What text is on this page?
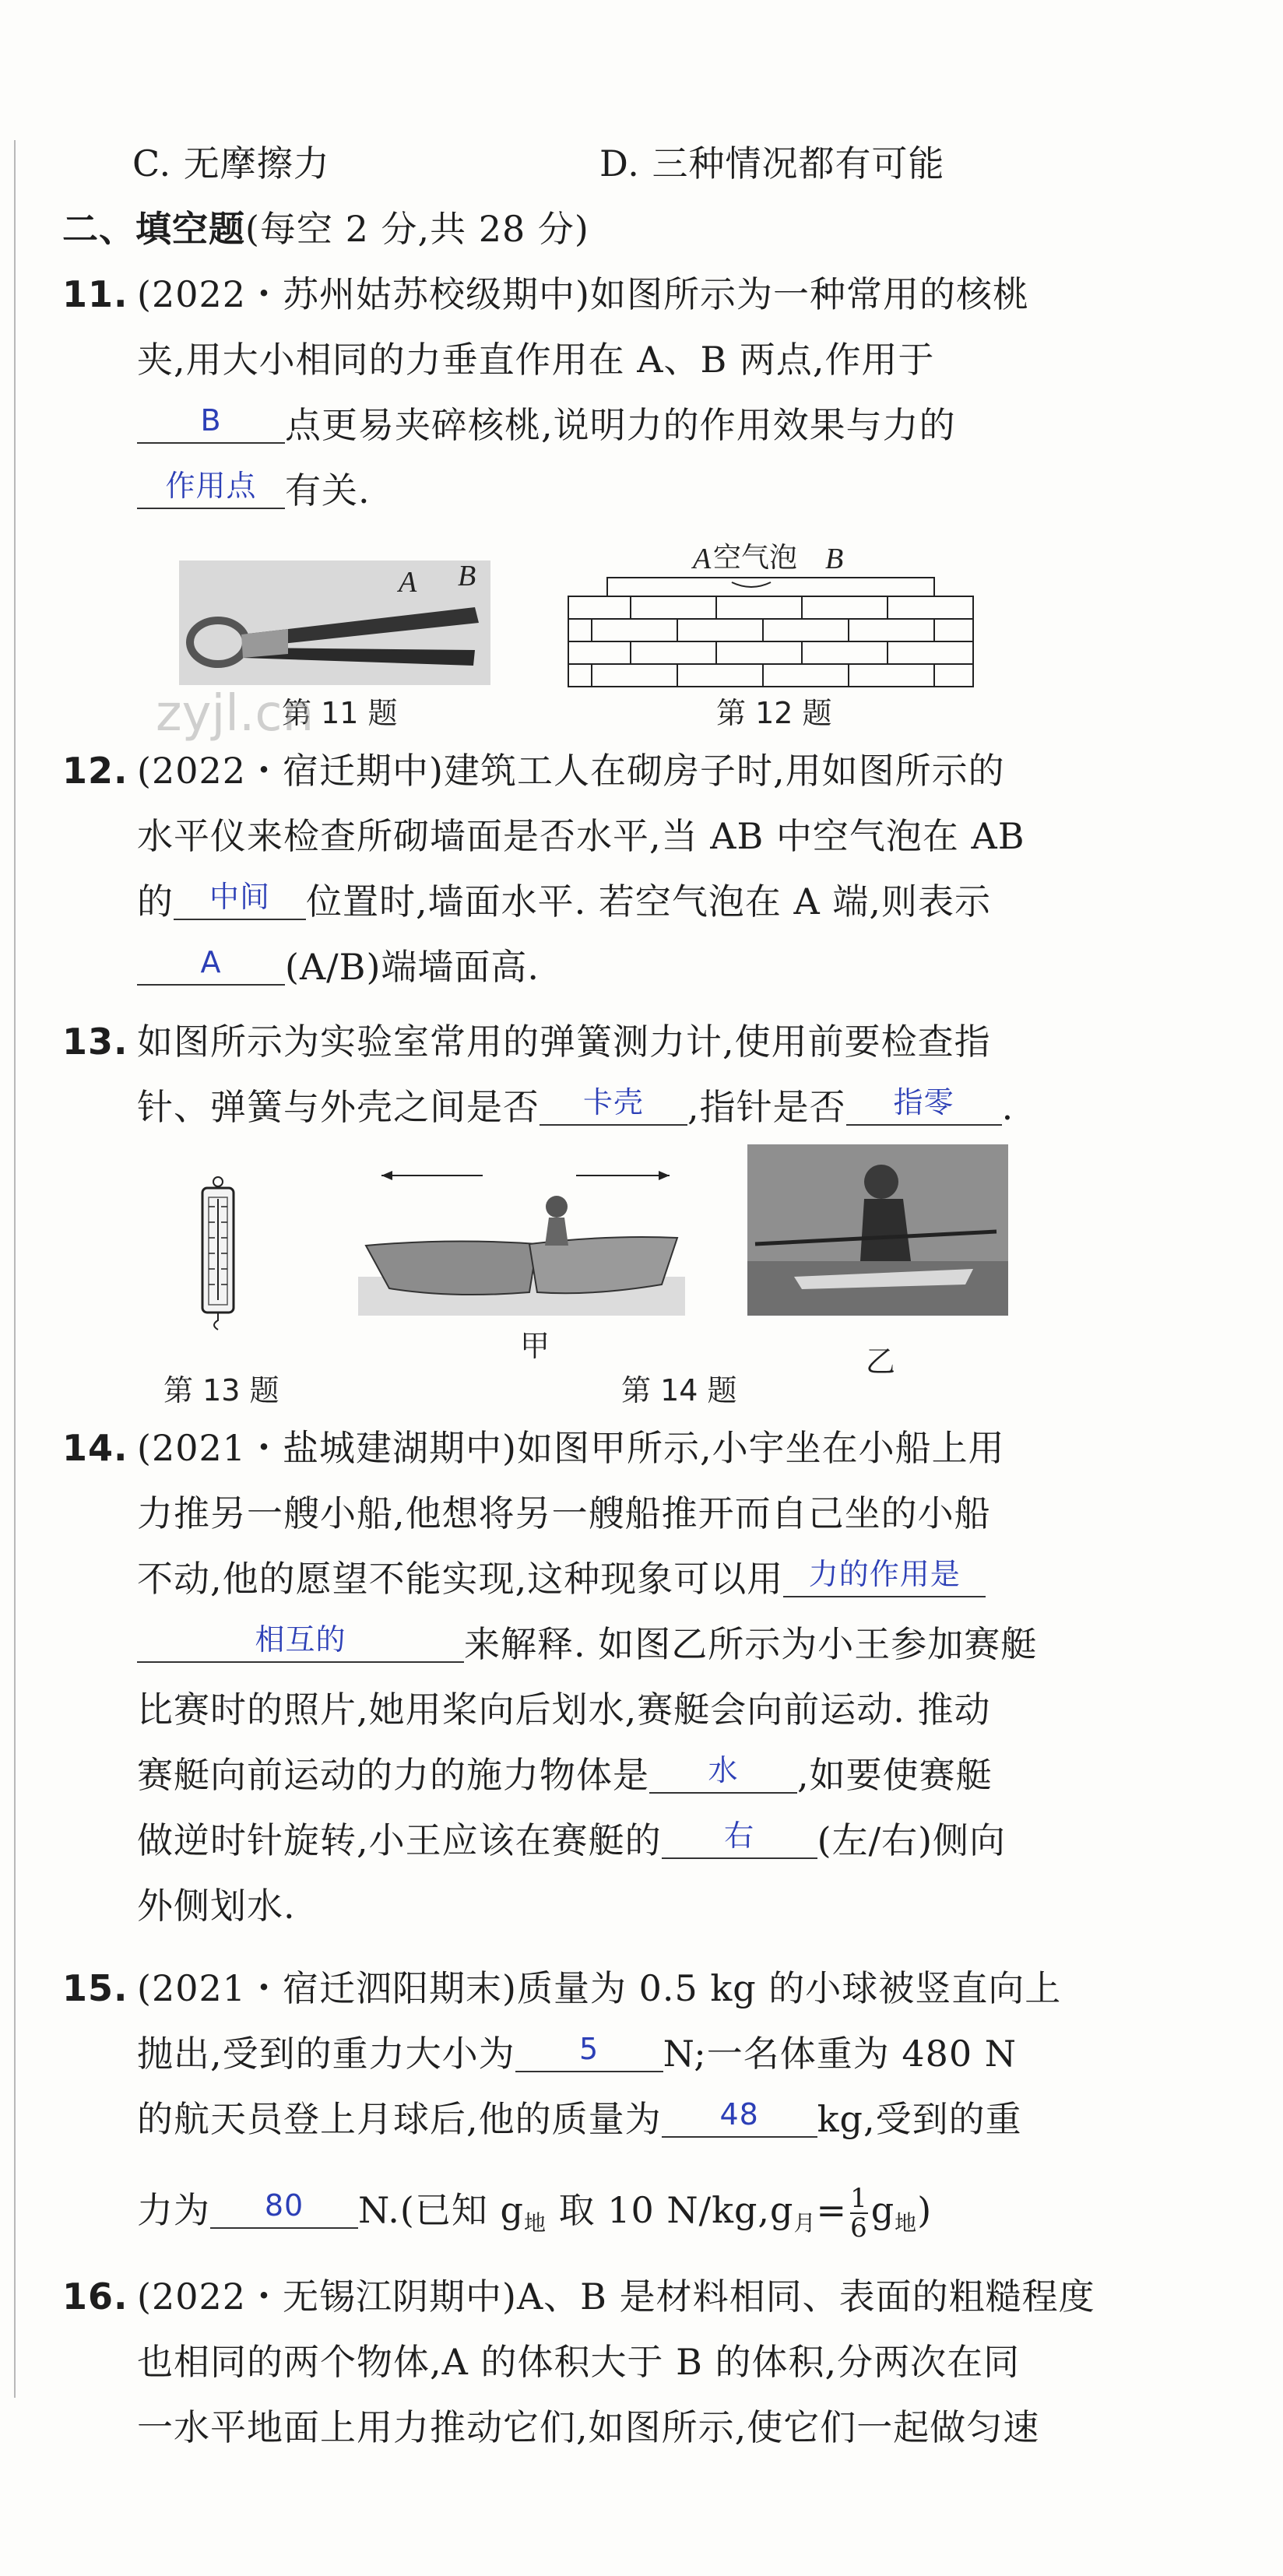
C. 无摩擦力	D. 三种情况都有可能
二、填空题(每空 2 分,共 28 分)
11. (2022・苏州姑苏校级期中)如图所示为一种常用的核桃
夹,用大小相同的力垂直作用在 A、B 两点,作用于
B	点更易夹碎核桃,说明力的作用效果与力的
作用点 有关.
A B
第 11 题
A 空气泡 B
第 12 题
zyjl.cn
12. (2022・宿迁期中)建筑工人在砌房子时,用如图所示的
水平仪来检查所砌墙面是否水平,当 AB 中空气泡在 AB
的	中间	位置时,墙面水平. 若空气泡在 A 端,则表示
A	(A/B)端墙面高.
13. 如图所示为实验室常用的弹簧测力计,使用前要检查指
针、弹簧与外壳之间是否	卡壳	,指针是否	指零	.
第 13 题
甲	乙
第 14 题
14. (2021・盐城建湖期中)如图甲所示,小宇坐在小船上用
力推另一艘小船,他想将另一艘船推开而自己坐的小船
不动,他的愿望不能实现,这种现象可以用 力的作用是
相互的	来解释. 如图乙所示为小王参加赛艇
比赛时的照片,她用桨向后划水,赛艇会向前运动. 推动
赛艇向前运动的力的施力物体是	水	,如要使赛艇
做逆时针旋转,小王应该在赛艇的	右	(左/右)侧向
外侧划水.
15. (2021・宿迁泗阳期末)质量为 0.5 kg 的小球被竖直向上
抛出,受到的重力大小为	5	N;一名体重为 480 N
的航天员登上月球后,他的质量为	48	kg,受到的重
力为	80	N.(已知 $g_地$ 取 10 $N/kg,g_月= \frac{1}{6} g_地$)
16. (2022・无锡江阴期中)A、B 是材料相同、表面的粗糙程度
也相同的两个物体,A 的体积大于 B 的体积,分两次在同
一水平地面上用力推动它们,如图所示,使它们一起做匀速
